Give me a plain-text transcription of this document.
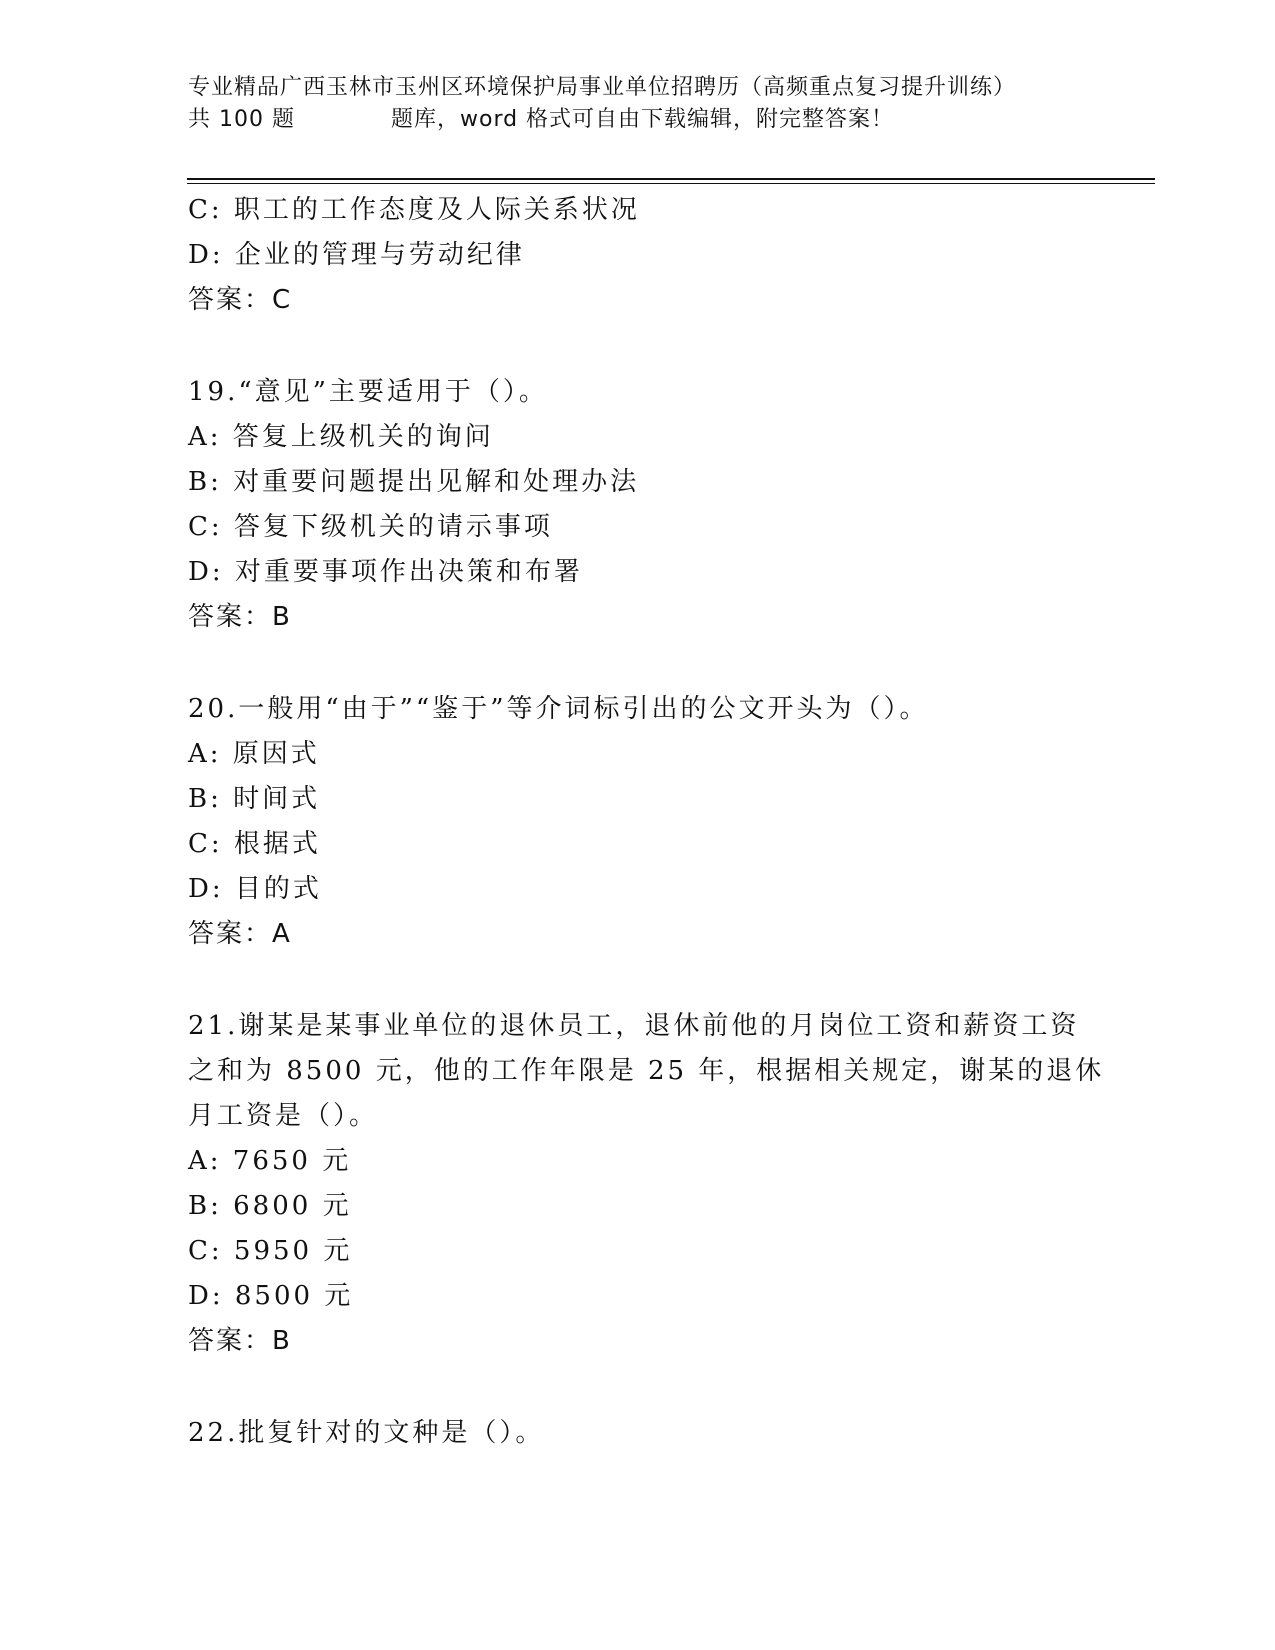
专业精品广西玉林市玉州区环境保护局事业单位招聘历（高频重点复习提升训练）
共 100 题	题库，word 格式可自由下载编辑，附完整答案！
C: 职工的工作态度及人际关系状况
D: 企业的管理与劳动纪律
答案：C
19.“意见”主要适用于（）。
A: 答复上级机关的询问
B: 对重要问题提出见解和处理办法
C: 答复下级机关的请示事项
D: 对重要事项作出决策和布署
答案：B
20.一般用“由于”“鉴于”等介词标引出的公文开头为（）。
A: 原因式
B: 时间式
C: 根据式
D: 目的式
答案：A
21.谢某是某事业单位的退休员工，退休前他的月岗位工资和薪资工资
之和为 8500 元，他的工作年限是 25 年，根据相关规定，谢某的退休
月工资是（）。
A: 7650 元
B: 6800 元
C: 5950 元
D: 8500 元
答案：B
22.批复针对的文种是（）。
